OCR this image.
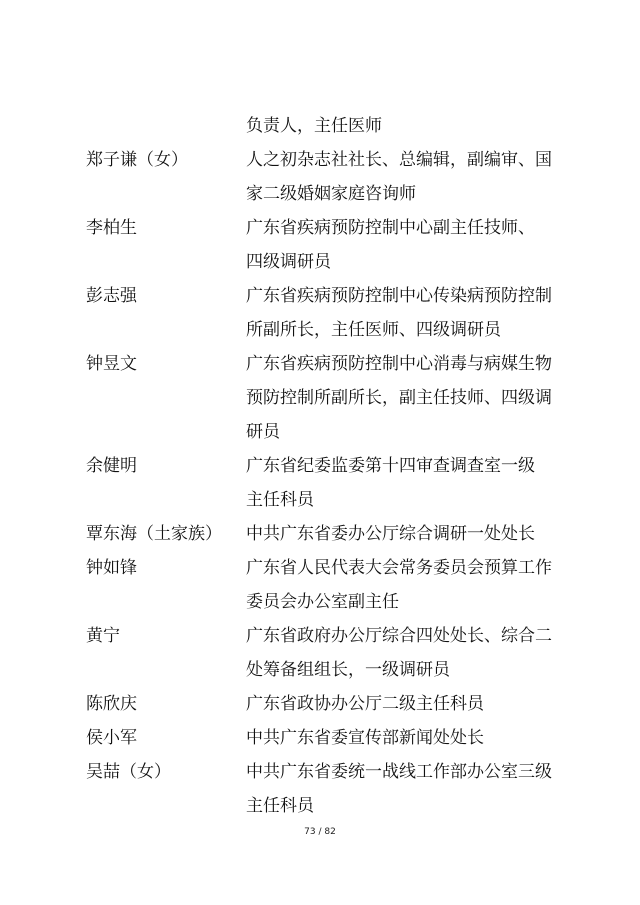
负责人，主任医师
郑子谦（女）	人之初杂志社社长、总编辑，副编审、国
家二级婚姻家庭咨询师
李柏生	广东省疾病预防控制中心副主任技师、
四级调研员
彭志强	广东省疾病预防控制中心传染病预防控制
所副所长，主任医师、四级调研员
钟昱文	广东省疾病预防控制中心消毒与病媒生物
预防控制所副所长，副主任技师、四级调
研员
余健明	广东省纪委监委第十四审查调查室一级
主任科员
覃东海（土家族）	中共广东省委办公厅综合调研一处处长
钟如锋	广东省人民代表大会常务委员会预算工作
委员会办公室副主任
黄宁	广东省政府办公厅综合四处处长、综合二
处筹备组组长，一级调研员
陈欣庆	广东省政协办公厅二级主任科员
侯小军	中共广东省委宣传部新闻处处长
吴喆（女）	中共广东省委统一战线工作部办公室三级
主任科员
73 / 82
